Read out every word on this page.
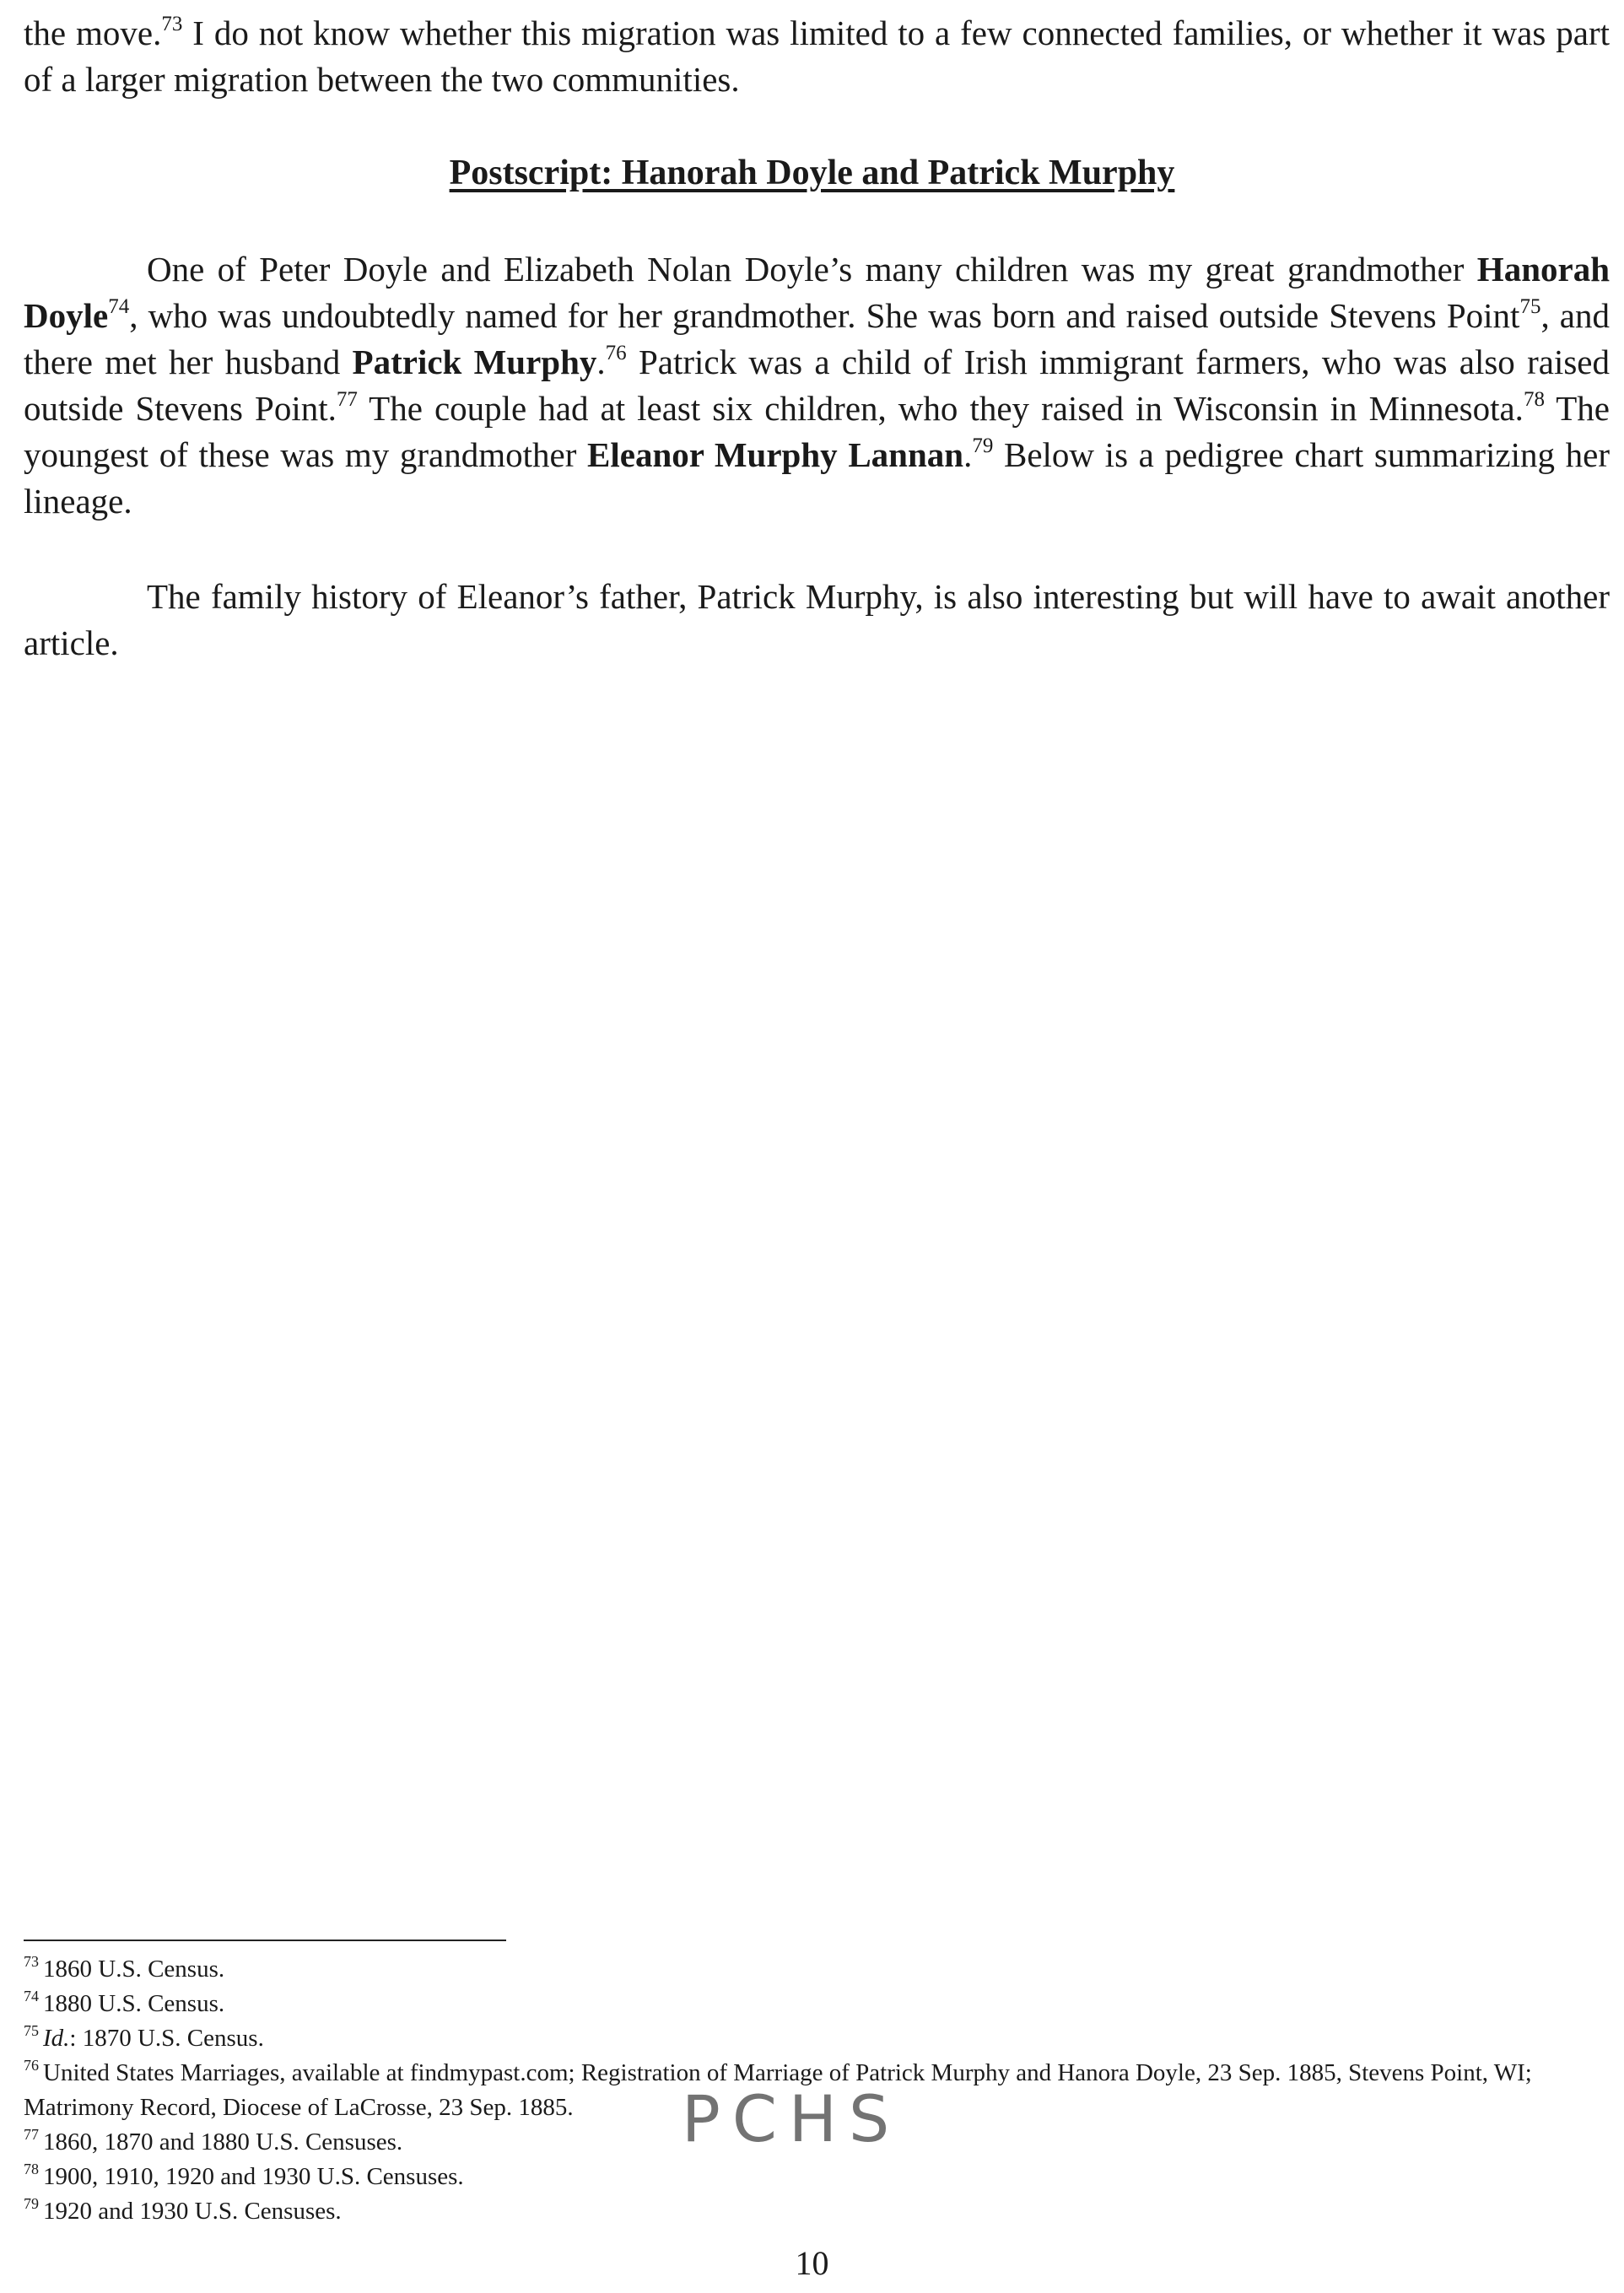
the move.$^{73}$ I do not know whether this migration was limited to a few connected families, or whether it was part of a larger migration between the two communities.

Postscript: Hanorah Doyle and Patrick Murphy

One of Peter Doyle and Elizabeth Nolan Doyle’s many children was my great grandmother Hanorah Doyle$^{74}$, who was undoubtedly named for her grandmother. She was born and raised outside Stevens Point$^{75}$, and there met her husband Patrick Murphy.$^{76}$ Patrick was a child of Irish immigrant farmers, who was also raised outside Stevens Point.$^{77}$ The couple had at least six children, who they raised in Wisconsin in Minnesota.$^{78}$ The youngest of these was my grandmother Eleanor Murphy Lannan.$^{79}$ Below is a pedigree chart summarizing her lineage.

The family history of Eleanor’s father, Patrick Murphy, is also interesting but will have to await another article.

$^{73}$ 1860 U.S. Census.

$^{74}$ 1880 U.S. Census.

$^{75}$ Id.: 1870 U.S. Census.

$^{76}$ United States Marriages, available at findmypast.com; Registration of Marriage of Patrick Murphy and Hanora Doyle, 23 Sep. 1885, Stevens Point, WI; Matrimony Record, Diocese of LaCrosse, 23 Sep. 1885.

$^{77}$ 1860, 1870 and 1880 U.S. Censuses.

$^{78}$ 1900, 1910, 1920 and 1930 U.S. Censuses.

$^{79}$ 1920 and 1930 U.S. Censuses.

PCHS
10
